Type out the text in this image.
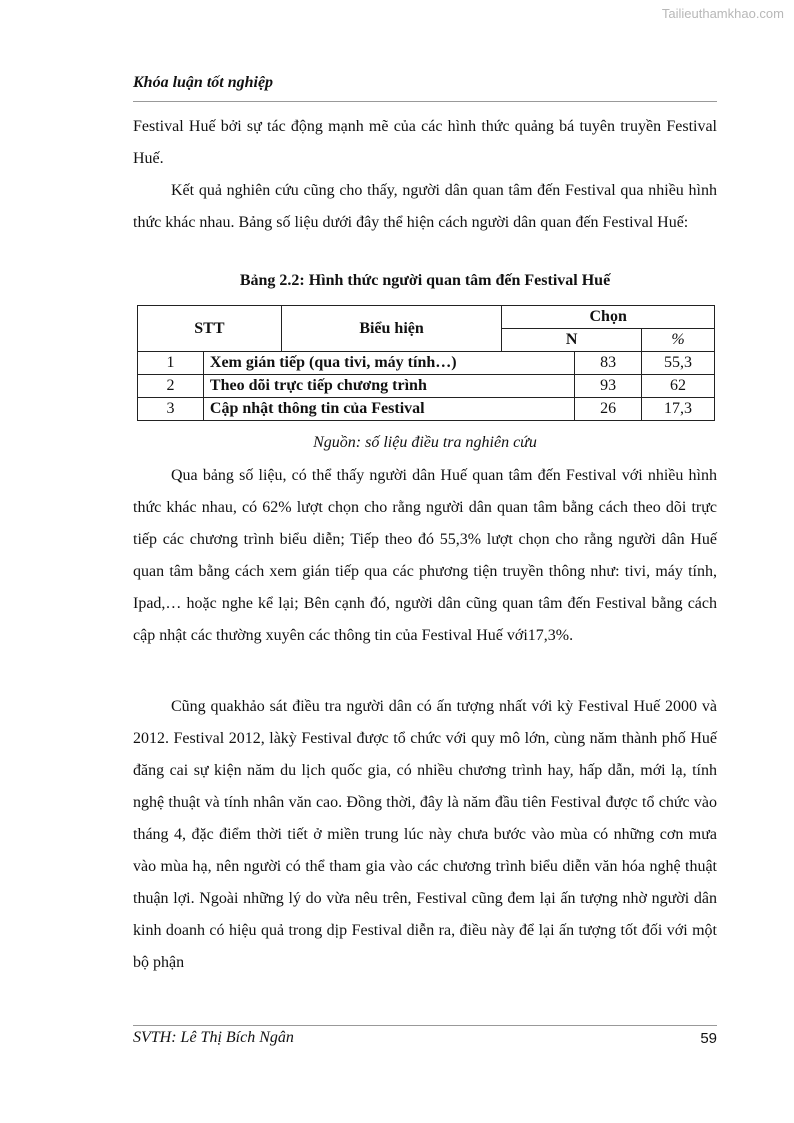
Tailieuthamkhao.com
Khóa luận tốt nghiệp

Festival Huế bởi sự tác động mạnh mẽ của các hình thức quảng bá tuyên truyền Festival Huế.

Kết quả nghiên cứu cũng cho thấy, người dân quan tâm đến Festival qua nhiều hình thức khác nhau. Bảng số liệu dưới đây thể hiện cách người dân quan đến Festival Huế:

Bảng 2.2: Hình thức người quan tâm đến Festival Huế
STT		Biểu hiện	Chọn		
			N		%
1	Xem gián tiếp (qua tivi, máy tính…)			83	55,3
2	Theo dõi trực tiếp chương trình			93	62
3	Cập nhật thông tin của Festival			26	17,3
Nguồn: số liệu điều tra nghiên cứu

Qua bảng số liệu, có thể thấy người dân Huế quan tâm đến Festival với nhiều hình thức khác nhau, có 62% lượt chọn cho rằng người dân quan tâm bằng cách theo dõi trực tiếp các chương trình biểu diễn; Tiếp theo đó 55,3% lượt chọn cho rằng người dân Huế quan tâm bằng cách xem gián tiếp qua các phương tiện truyền thông như: tivi, máy tính, Ipad,… hoặc nghe kể lại; Bên cạnh đó, người dân cũng quan tâm đến Festival bằng cách cập nhật các thường xuyên các thông tin của Festival Huế với17,3%.

Cũng quakhảo sát điều tra người dân có ấn tượng nhất với kỳ Festival Huế 2000 và 2012. Festival 2012, làkỳ Festival được tổ chức với quy mô lớn, cùng năm thành phố Huế đăng cai sự kiện năm du lịch quốc gia, có nhiều chương trình hay, hấp dẫn, mới lạ, tính nghệ thuật và tính nhân văn cao. Đồng thời, đây là năm đầu tiên Festival được tổ chức vào tháng 4, đặc điểm thời tiết ở miền trung lúc này chưa bước vào mùa có những cơn mưa vào mùa hạ, nên người có thể tham gia vào các chương trình biểu diễn văn hóa nghệ thuật thuận lợi. Ngoài những lý do vừa nêu trên, Festival cũng đem lại ấn tượng nhờ người dân kinh doanh có hiệu quả trong dịp Festival diễn ra, điều này để lại ấn tượng tốt đối với một bộ phận

SVTH: Lê Thị Bích Ngân	59
